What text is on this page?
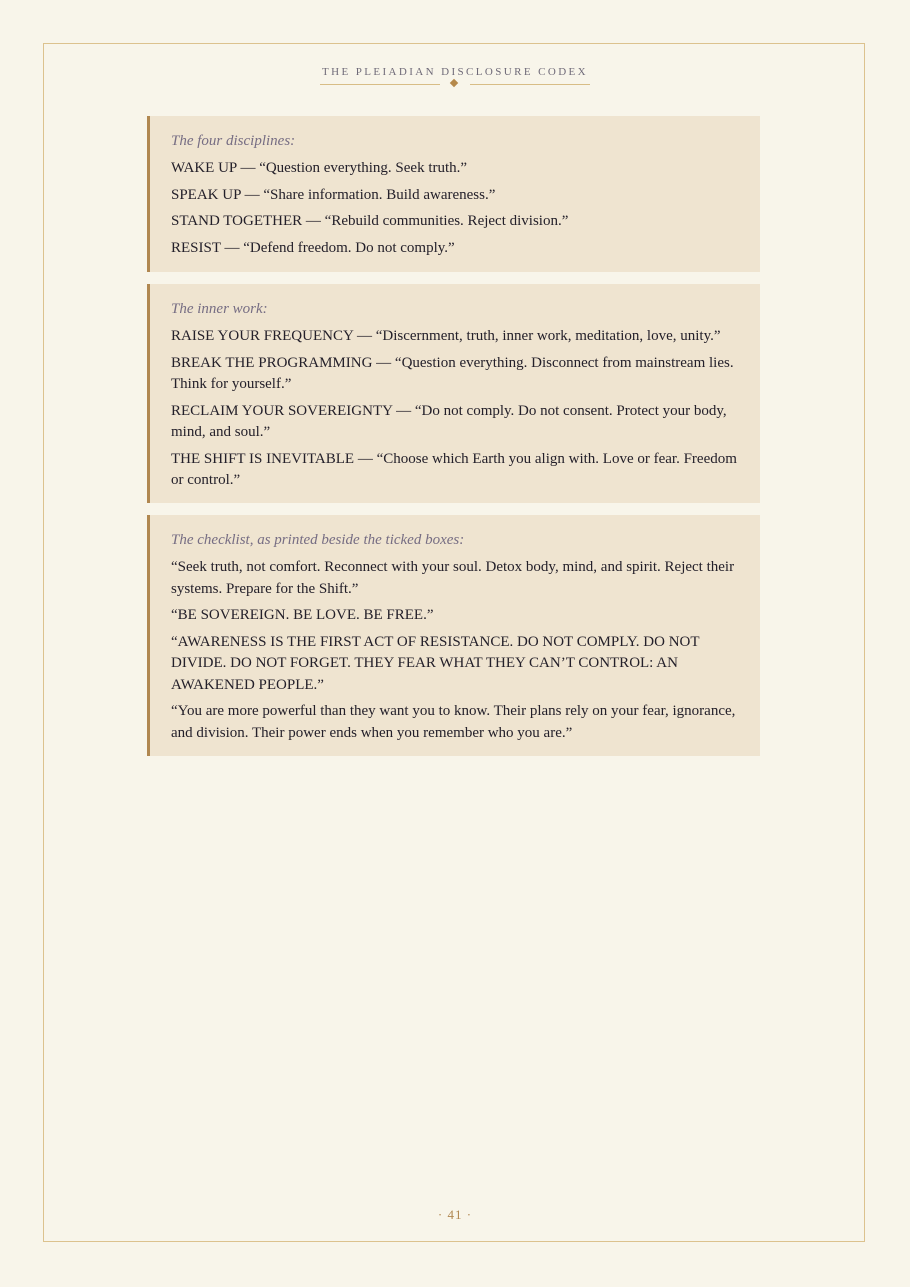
THE PLEIADIAN DISCLOSURE CODEX

The four disciplines:

WAKE UP — “Question everything. Seek truth.”

SPEAK UP — “Share information. Build awareness.”

STAND TOGETHER — “Rebuild communities. Reject division.”

RESIST — “Defend freedom. Do not comply.”

The inner work:

RAISE YOUR FREQUENCY — “Discernment, truth, inner work, meditation, love, unity.”

BREAK THE PROGRAMMING — “Question everything. Disconnect from mainstream lies. Think for yourself.”

RECLAIM YOUR SOVEREIGNTY — “Do not comply. Do not consent. Protect your body, mind, and soul.”

THE SHIFT IS INEVITABLE — “Choose which Earth you align with. Love or fear. Freedom or control.”

The checklist, as printed beside the ticked boxes:

“Seek truth, not comfort. Reconnect with your soul. Detox body, mind, and spirit. Reject their systems. Prepare for the Shift.”

“BE SOVEREIGN. BE LOVE. BE FREE.”

“AWARENESS IS THE FIRST ACT OF RESISTANCE. DO NOT COMPLY. DO NOT DIVIDE. DO NOT FORGET. THEY FEAR WHAT THEY CAN’T CONTROL: AN AWAKENED PEOPLE.”

“You are more powerful than they want you to know. Their plans rely on your fear, ignorance, and division. Their power ends when you remember who you are.”

· 41 ·
